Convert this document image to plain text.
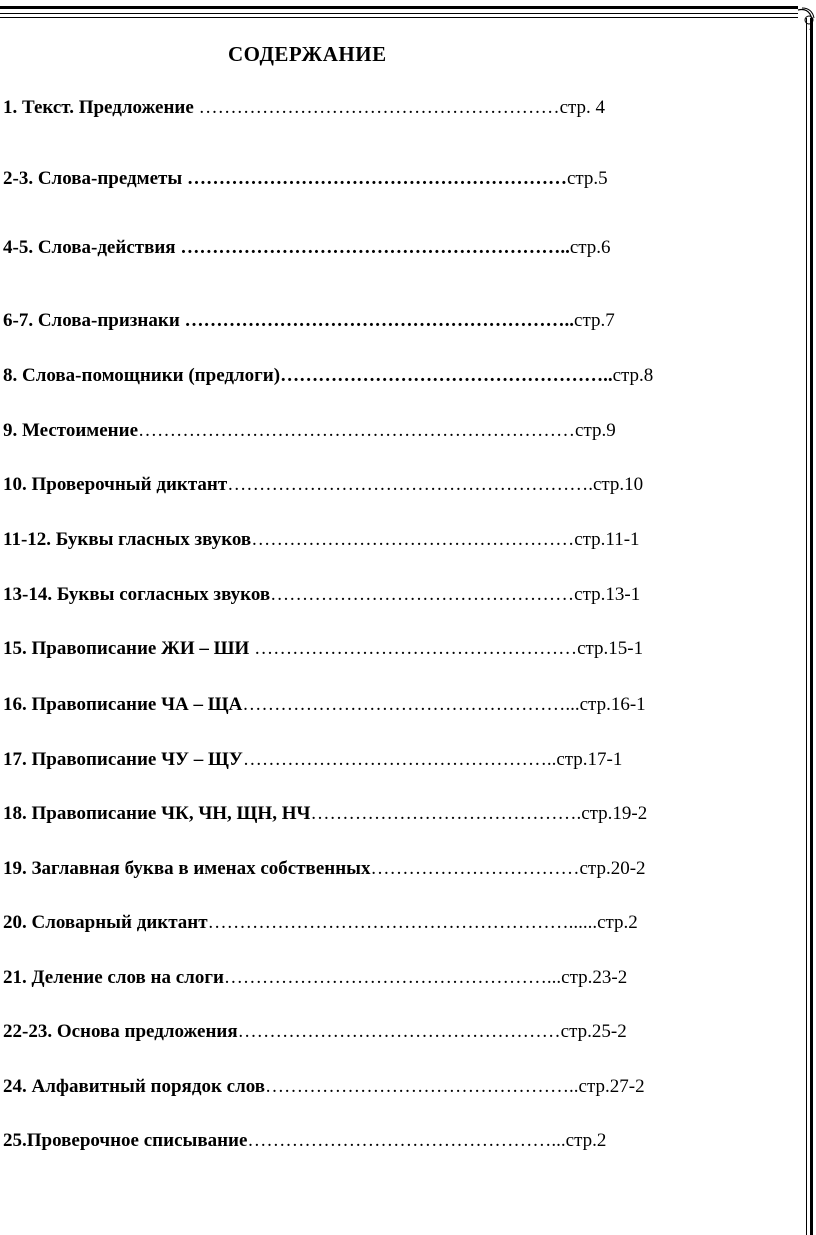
СОДЕРЖАНИЕ
1. Текст. Предложение …………………………………………………стр. 4
2-3. Слова-предметы ……………………………………………………стр.5
4-5. Слова-действия ……………………………………………………..стр.6
6-7. Слова-признаки ……………………………………………………..стр.7
8. Слова-помощники (предлоги)……………………………………………..стр.8
9. Местоимение……………………………………………………………стр.9
10. Проверочный диктант………………………………………………….стр.10
11-12. Буквы гласных звуков……………………………………………стр.11-1
13-14. Буквы согласных звуков…………………………………………стр.13-1
15. Правописание ЖИ – ШИ ……………………………………………стр.15-1
16. Правописание ЧА – ЩА……………………………………………...стр.16-1
17. Правописание ЧУ – ЩУ…………………………………………..стр.17-1
18. Правописание ЧК, ЧН, ЩН, НЧ…………………………………….стр.19-2
19. Заглавная буква в именах собственных……………………………стр.20-2
20. Словарный диктант…………………………………………………......стр.2
21. Деление слов на слоги……………………………………………...стр.23-2
22-23. Основа предложения……………………………………………стр.25-2
24. Алфавитный порядок слов…………………………………………..стр.27-2
25.Проверочное списывание…………………………………………...стр.2
